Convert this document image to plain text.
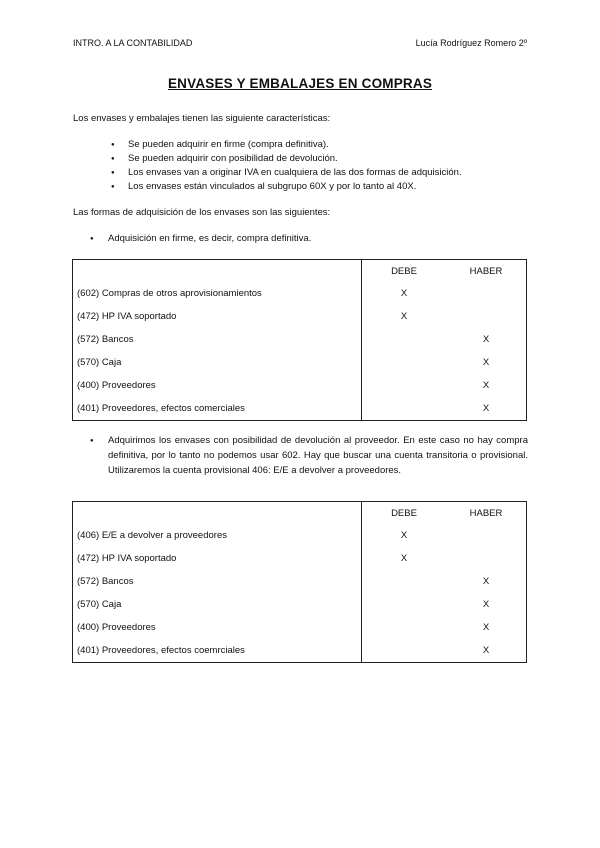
INTRO. A LA CONTABILIDAD	Lucía Rodríguez Romero 2º
ENVASES Y EMBALAJES EN COMPRAS
Los envases y embalajes tienen las siguiente características:
● Se pueden adquirir en firme (compra definitiva).
● Se pueden adquirir con posibilidad de devolución.
● Los envases van a originar IVA en cualquiera de las dos formas de adquisición.
● Los envases están vinculados al subgrupo 60X y por lo tanto al 40X.
Las formas de adquisición de los envases son las siguientes:
● Adquisición en firme, es decir, compra definitiva.
	DEBE	HABER
(602) Compras de otros aprovisionamientos	X	
(472) HP IVA soportado	X	
(572) Bancos		X
(570) Caja		X
(400) Proveedores		X
(401) Proveedores, efectos comerciales		X
● Adquirimos los envases con posibilidad de devolución al proveedor. En este caso no hay compra definitiva, por lo tanto no podemos usar 602. Hay que buscar una cuenta transitoria o provisional. Utilizaremos la cuenta provisional 406: E/E a devolver a proveedores.
	DEBE	HABER
(406) E/E a devolver a proveedores	X	
(472) HP IVA soportado	X	
(572) Bancos		X
(570) Caja		X
(400) Proveedores		X
(401) Proveedores, efectos coemrciales		X
